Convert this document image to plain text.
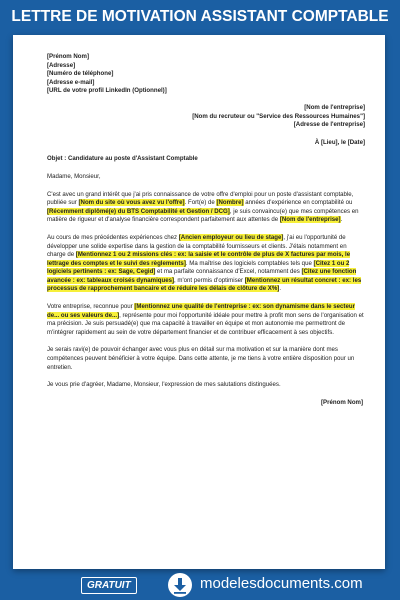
LETTRE DE MOTIVATION ASSISTANT COMPTABLE
[Prénom Nom]
[Adresse]
[Numéro de téléphone]
[Adresse e-mail]
[URL de votre profil LinkedIn (Optionnel)]
[Nom de l'entreprise]
[Nom du recruteur ou "Service des Ressources Humaines"]
[Adresse de l'entreprise]
À [Lieu], le [Date]
Objet : Candidature au poste d'Assistant Comptable
Madame, Monsieur,

C'est avec un grand intérêt que j'ai pris connaissance de votre offre d'emploi pour un poste d'assistant comptable, publiée sur [Nom du site où vous avez vu l'offre]. Fort(e) de [Nombre] années d'expérience en comptabilité ou [Récemment diplômé(e) du BTS Comptabilité et Gestion / DCG], je suis convaincu(e) que mes compétences en matière de rigueur et d'analyse financière correspondent parfaitement aux attentes de [Nom de l'entreprise].

Au cours de mes précédentes expériences chez [Ancien employeur ou lieu de stage], j'ai eu l'opportunité de développer une solide expertise dans la gestion de la comptabilité fournisseurs et clients. J'étais notamment en charge de [Mentionnez 1 ou 2 missions clés : ex: la saisie et le contrôle de plus de X factures par mois, le lettrage des comptes et le suivi des règlements]. Ma maîtrise des logiciels comptables tels que [Citez 1 ou 2 logiciels pertinents : ex: Sage, Cegid] et ma parfaite connaissance d'Excel, notamment des [Citez une fonction avancée : ex: tableaux croisés dynamiques], m'ont permis d'optimiser [Mentionnez un résultat concret : ex: les processus de rapprochement bancaire et de réduire les délais de clôture de X%].

Votre entreprise, reconnue pour [Mentionnez une qualité de l'entreprise : ex: son dynamisme dans le secteur de... ou ses valeurs de...], représente pour moi l'opportunité idéale pour mettre à profit mon sens de l'organisation et ma précision. Je suis persuadé(e) que ma capacité à travailler en équipe et mon autonomie me permettront de m'intégrer rapidement au sein de votre département financier et de contribuer efficacement à ses objectifs.

Je serais ravi(e) de pouvoir échanger avec vous plus en détail sur ma motivation et sur la manière dont mes compétences peuvent bénéficier à votre équipe. Dans cette attente, je me tiens à votre entière disposition pour un entretien.

Je vous prie d'agréer, Madame, Monsieur, l'expression de mes salutations distinguées.

[Prénom Nom]
GRATUIT	modelesdocuments.com
